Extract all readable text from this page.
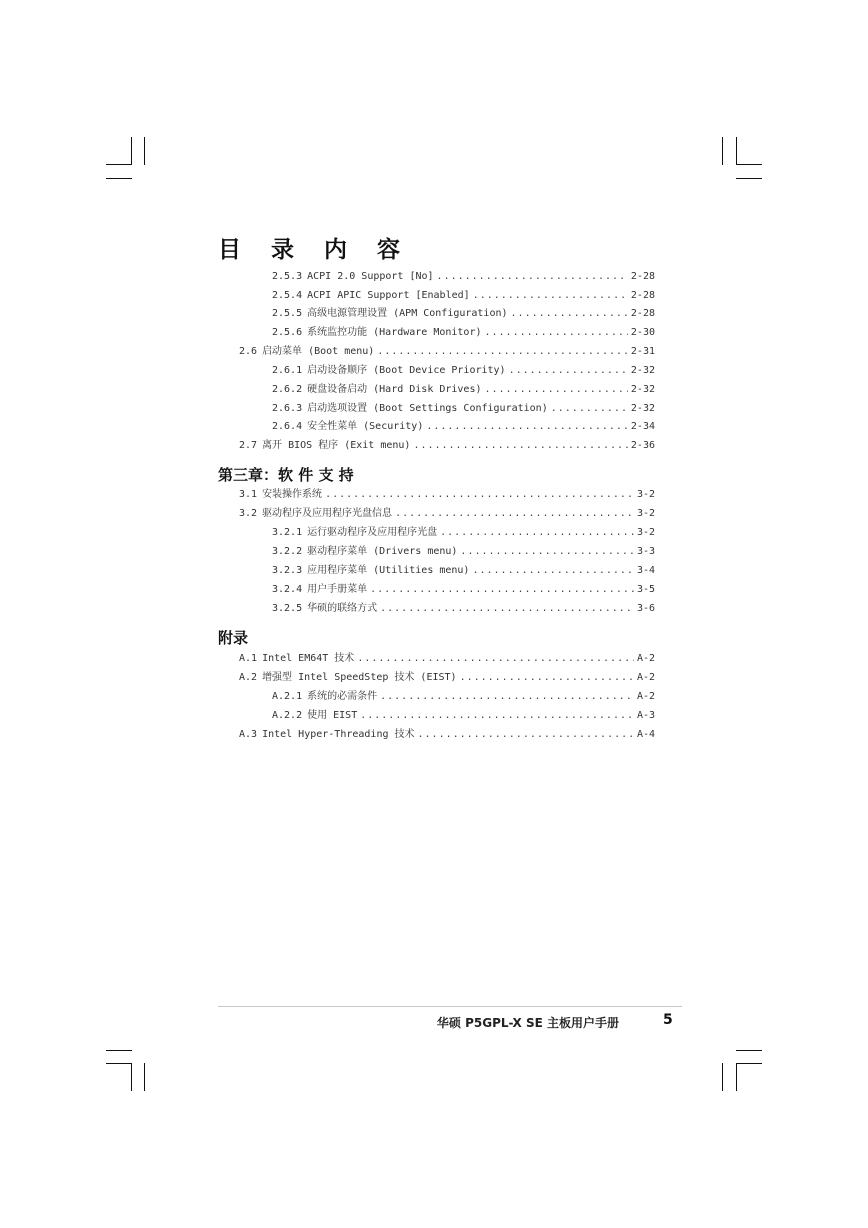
目 录 内 容
2.5.3 ACPI 2.0 Support [No] .....	2-28
2.5.4 ACPI APIC Support [Enabled] .....	2-28
2.5.5 高级电源管理设置 (APM Configuration) .....	2-28
2.5.6 系统监控功能 (Hardware Monitor) .....	2-30
2.6 启动菜单 (Boot menu) .....	2-31
2.6.1 启动设备顺序 (Boot Device Priority) .....	2-32
2.6.2 硬盘设备启动 (Hard Disk Drives) .....	2-32
2.6.3 启动选项设置 (Boot Settings Configuration) .....	2-32
2.6.4 安全性菜单 (Security) .....	2-34
2.7 离开 BIOS 程序 (Exit menu) .....	2-36
第三章：软 件 支 持
3.1 安装操作系统 .....	3-2
3.2 驱动程序及应用程序光盘信息 .....	3-2
3.2.1 运行驱动程序及应用程序光盘 .....	3-2
3.2.2 驱动程序菜单 (Drivers menu) .....	3-3
3.2.3 应用程序菜单 (Utilities menu) .....	3-4
3.2.4 用户手册菜单 .....	3-5
3.2.5 华硕的联络方式 .....	3-6
附录
A.1 Intel EM64T 技术 .....	A-2
A.2 增强型 Intel SpeedStep 技术 (EIST) .....	A-2
A.2.1 系统的必需条件 .....	A-2
A.2.2 使用 EIST .....	A-3
A.3 Intel Hyper-Threading 技术 .....	A-4
华硕 P5GPL-X SE 主板用户手册	5
